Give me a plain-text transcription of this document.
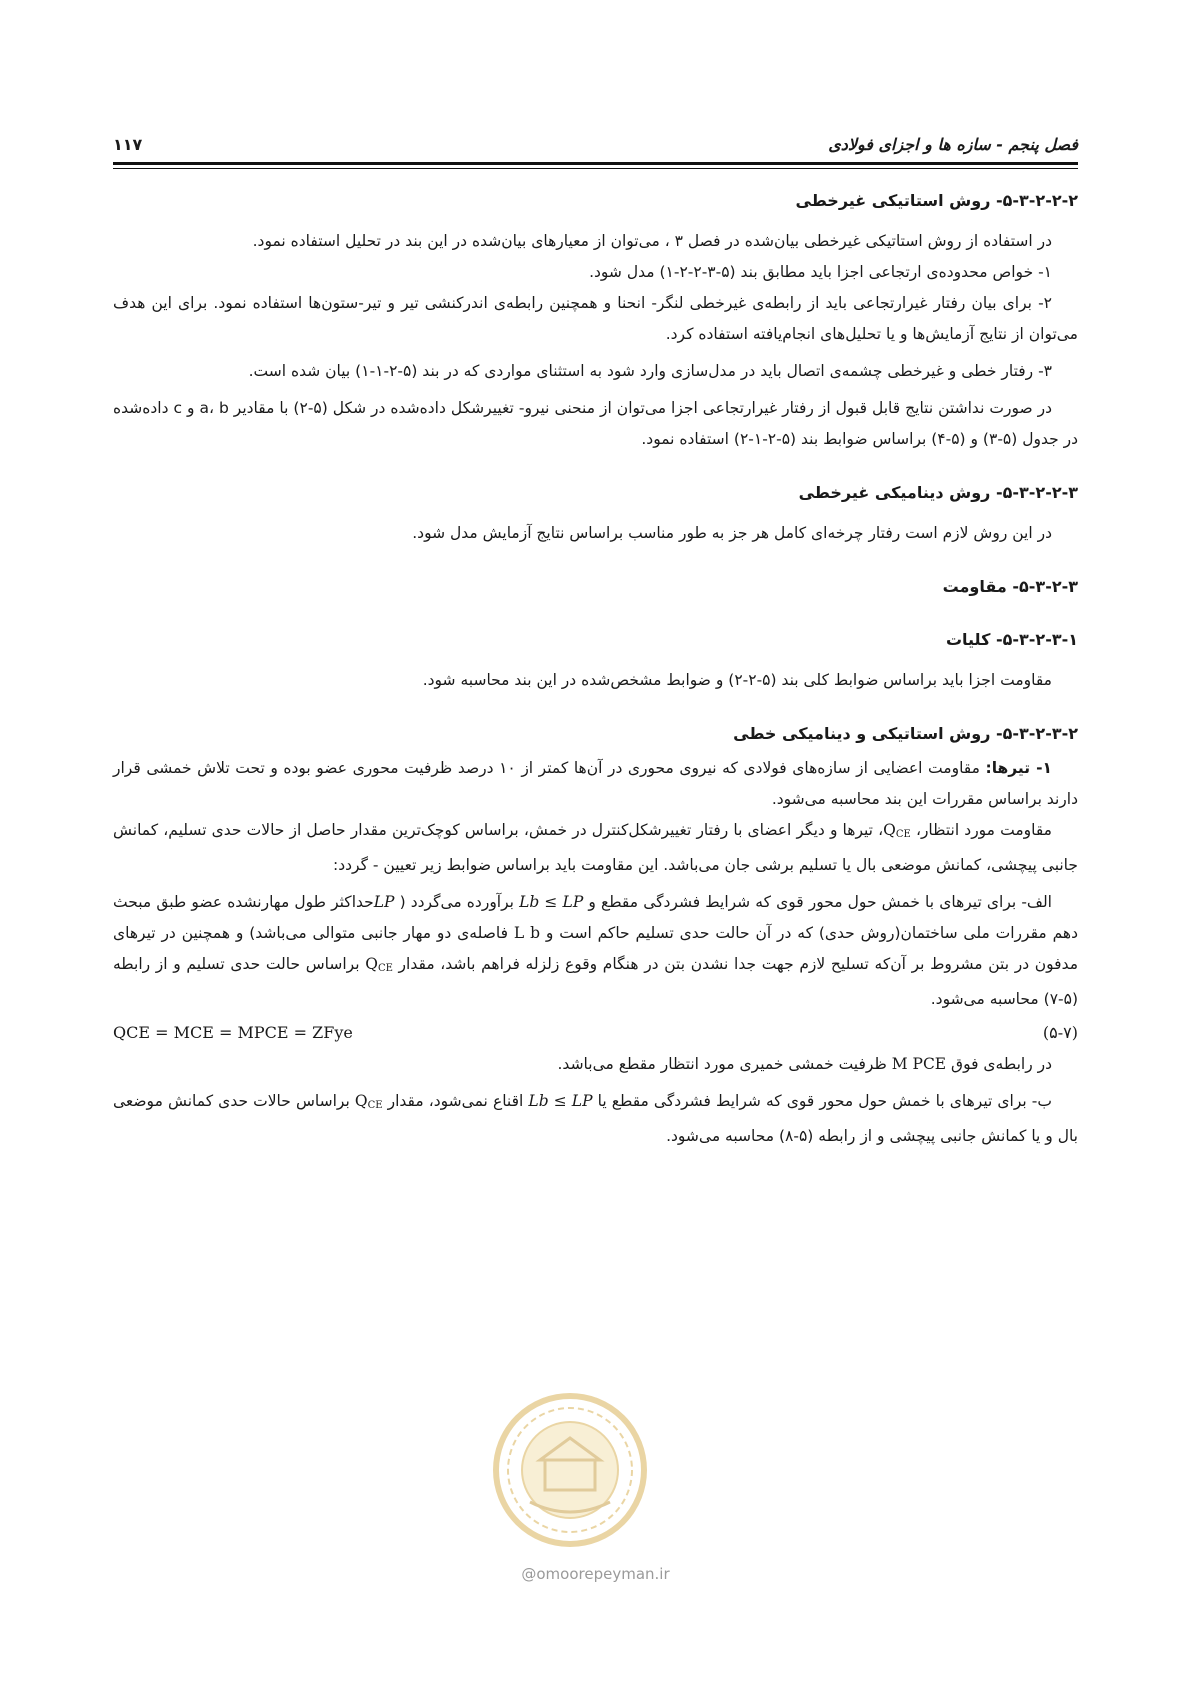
۱۱۷	فصل پنجم - سازه ها و اجزای فولادی
۵-۳-۲-۲-۲- روش استاتیکی غیرخطی

در استفاده از روش استاتیکی غیرخطی بیان‌شده در فصل ۳ ، می‌توان از معیارهای بیان‌شده در این بند در تحلیل استفاده نمود.

۱- خواص محدوده‌ی ارتجاعی اجزا باید مطابق بند (۵-۳-۲-۲-۱) مدل شود.

۲- برای بیان رفتار غیرارتجاعی باید از رابطه‌ی غیرخطی لنگر- انحنا و همچنین رابطه‌ی اندرکنشی تیر و تیر-ستون‌ها استفاده نمود. برای این هدف می‌توان از نتایج آزمایش‌ها و یا تحلیل‌های انجام‌یافته استفاده کرد.

۳- رفتار خطی و غیرخطی چشمه‌ی اتصال باید در مدل‌سازی وارد شود به استثنای مواردی که در بند (۵-۲-۱-۱) بیان شده است.

در صورت نداشتن نتایج قابل قبول از رفتار غیرارتجاعی اجزا می‌توان از منحنی نیرو- تغییرشکل داده‌شده در شکل (۵-۲) با مقادیر a، b و c داده‌شده در جدول (۵-۳) و (۵-۴) براساس ضوابط بند (۵-۲-۱-۲) استفاده نمود.

۵-۳-۲-۲-۳- روش دینامیکی غیرخطی

در این روش لازم است رفتار چرخه‌ای کامل هر جز به طور مناسب براساس نتایج آزمایش مدل شود.

۵-۳-۲-۳- مقاومت
۵-۳-۲-۳-۱- کلیات

مقاومت اجزا باید براساس ضوابط کلی بند (۵-۲-۲) و ضوابط مشخص‌شده در این بند محاسبه شود.

۵-۳-۲-۳-۲- روش استاتیکی و دینامیکی خطی

۱- تیرها: مقاومت اعضایی از سازه‌های فولادی که نیروی محوری در آن‌ها کمتر از ۱۰ درصد ظرفیت محوری عضو بوده و تحت تلاش خمشی قرار دارند براساس مقررات این بند محاسبه می‌شود.

مقاومت مورد انتظار، $Q_{CE}،$ تیرها و دیگر اعضای با رفتار تغییرشکل‌کنترل در خمش، براساس کوچک‌ترین مقدار حاصل از حالات حدی تسلیم، کمانش جانبی پیچشی، کمانش موضعی بال یا تسلیم برشی جان می‌باشد. این مقاومت باید براساس ضوابط زیر تعیین - گردد:

الف- برای تیرهای با خمش حول محور قوی که شرایط فشردگی مقطع و Lb ≤ LP برآورده می‌گردد ( LPحداکثر طول مهارنشده عضو طبق مبحث دهم مقررات ملی ساختمان(روش حدی) که در آن حالت حدی تسلیم حاکم است و L b فاصله‌ی دو مهار جانبی متوالی می‌باشد) و همچنین در تیرهای مدفون در بتن مشروط بر آن‌که تسلیح لازم جهت جدا نشدن بتن در هنگام وقوع زلزله فراهم باشد، مقدار $Q_{CE}$ براساس حالت حدی تسلیم و از رابطه (۵-۷) محاسبه می‌شود.

(۵-۷)
QCE = MCE = MPCE = ZFye

در رابطه‌ی فوق M PCE ظرفیت خمشی خمیری مورد انتظار مقطع می‌باشد.

ب- برای تیرهای با خمش حول محور قوی که شرایط فشردگی مقطع یا Lb ≤ LP اقناع نمی‌شود، مقدار $Q_{CE}$ براساس حالات حدی کمانش موضعی بال و یا کمانش جانبی پیچشی و از رابطه (۵-۸) محاسبه می‌شود.

@omoorepeyman.ir
